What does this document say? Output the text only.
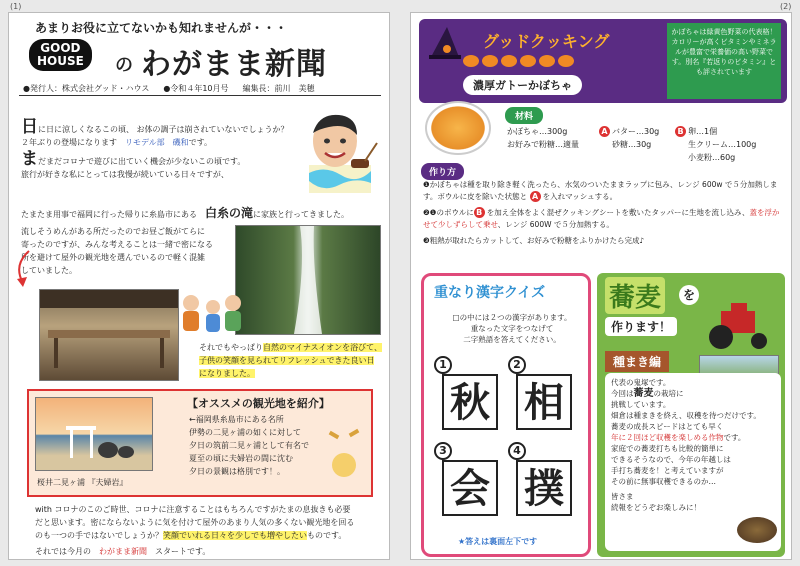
(1)	(2)
あまりお役に立てないかも知れませんが・・・
GOOD
HOUSE の わがまま新聞
●発行人：株式会社グッド・ハウス ●令和４年10月号 編集長：前川　美穂
日に日に涼しくなるこの頃、 お体の調子は崩されていないでしょうか？
２年ぶりの登場になります　 リモデル部　磯和です。
まだまだコロナで遊びに出ていく機会が少ないこの頃です。
旅行が好きな私にとっては我慢が続いている日々ですが、
たまたま用事で福岡に行った帰りに糸島市にある　 白糸の滝に家族と行ってきました。
流しそうめんがある所だったのでお昼ご飯がてらに
寄ったのですが、みんな考えることは一緒で密になる
所を避けて屋外の観光地を選んでいるので軽く混雑
していました。
それでもやっぱり自然のマイナスイオンを浴びて、
子供の笑顔を見られてリフレッシュできた良い日
になりました。
【オススメの観光地を紹介】
桜井二見ヶ浦 『夫婦岩』
←福岡県糸島市にある名所
伊勢の二見ヶ浦の如くに対して
夕日の筑前二見ヶ浦として有名で
夏至の頃に夫婦岩の間に沈む
夕日の景観は格別です！。
with コロナのこのご時世、コロナに注意することはもちろんですがたまの息抜きも必要
だと思います。密にならないように気を付けて屋外のあまり人気の多くない観光地を回る
のも一つの手ではないでしょうか？笑顔でいれる日々を少しでも増やしたいものです。
それでは今月の　 わがまま新聞　 スタートです。
グッドクッキング
濃厚ガトーかぼちゃ
かぼちゃは緑黄色野菜の代表格！カロリーが高くビタミンやミネラルが豊富で栄養価の高い野菜です。別名『若返りのビタミン』とも評されています
材料
かぼちゃ…300g
お好みで粉糖…適量
A バター…30g
砂糖…30g
B 卵…1個
生クリーム…100g
小麦粉…60g
作り方
❶かぼちゃは種を取り除き軽く洗ったら、水気のついたままラップに包み、レンジ 600w で５分加熱します。ボウルに皮を除いた状態と A を入れマッシュする。
❷❶のボウルに B を加え全体をよく混ぜクッキングシートを敷いたタッパーに生地を流し込み、蓋を浮かせて少しずらして乗せ、レンジ 600W で５分加熱する。
❸粗熱が取れたらカットして、お好みで粉糖をふりかけたら完成♪
重なり漢字クイズ
□の中には２つの漢字があります。
重なった文字をつなげて
二字熟語を答えてください。
1	2
秋 相
3	4
会 撲
★答えは裏面左下です
蕎麦	を
作ります！
種まき編
代表の鬼塚です。
今回は蕎麦の栽培に
挑戦しています。
畑倉は種まきを終え、収穫を待つだけです。
蕎麦の成長スピードはとても早く
年に２回ほど収穫を楽しめる作物です。
家庭での蕎麦打ちも比較的簡単に
できるそうなので、今年の年越しは
手打ち蕎麦を！と考えていますが
その前に無事収穫できるのか…
皆さま
続報をどうぞお楽しみに！
